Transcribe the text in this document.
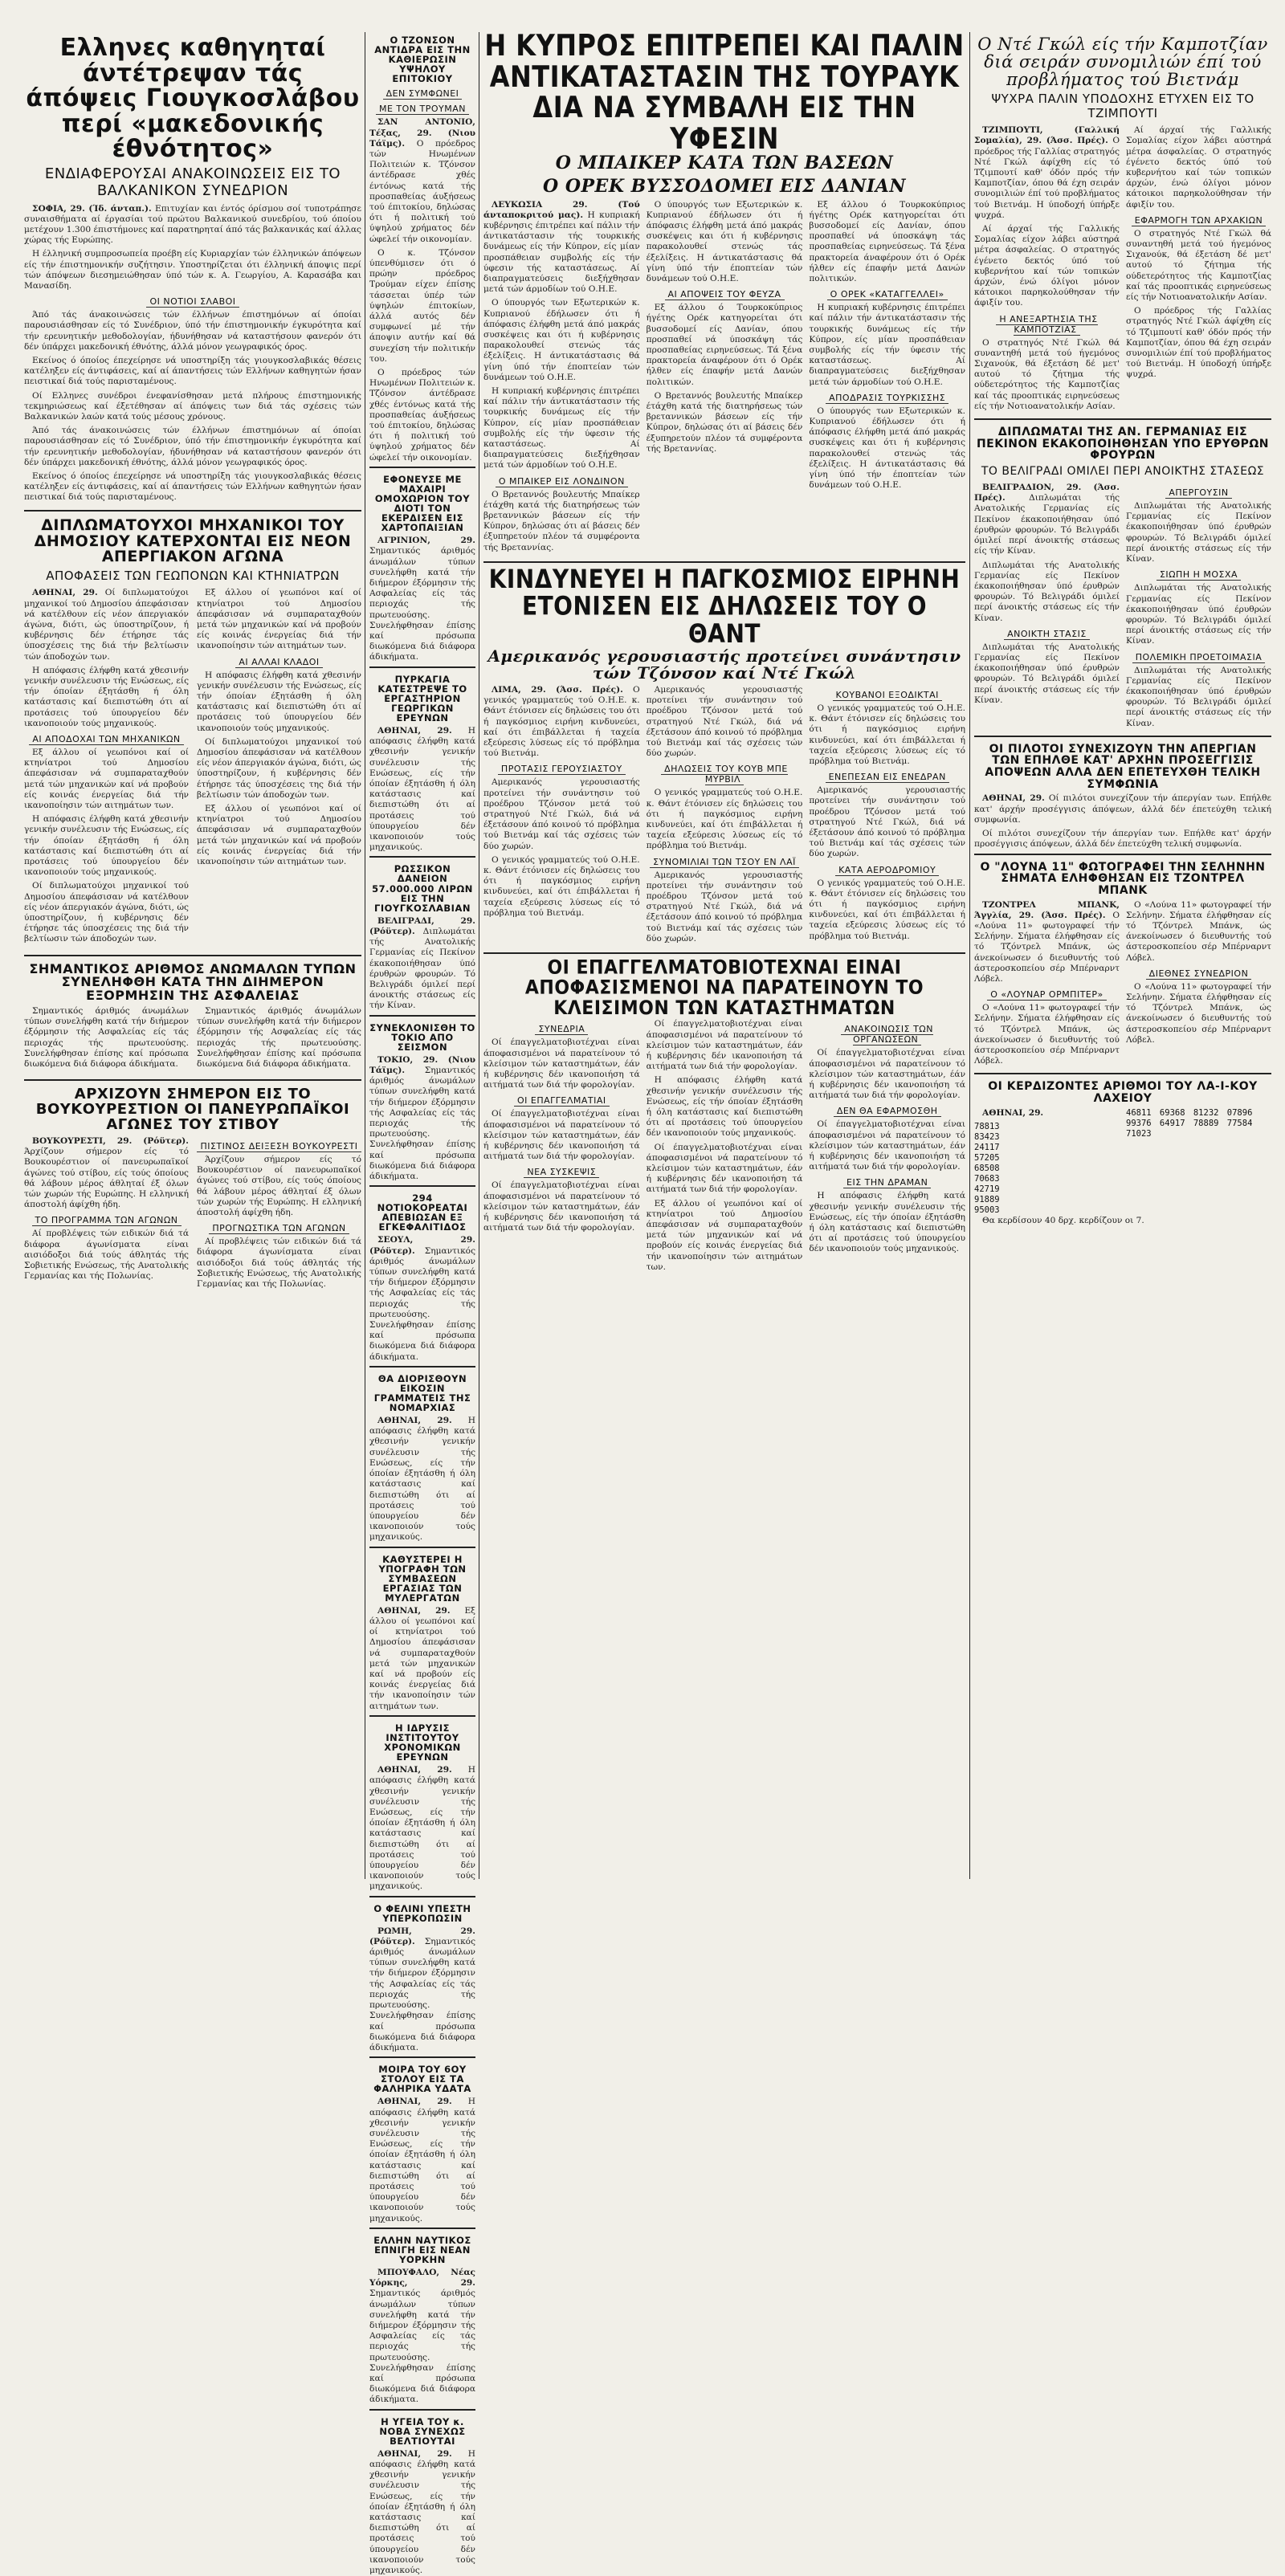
Ελληνες καθηγηταί άντέτρεψαν τάς άπόψεις Γιουγκοσλάβου περί «μακεδονικής έθνότητος»
ΕΝΔΙΑΦΕΡΟΥΣΑΙ ΑΝΑΚΟΙΝΩΣΕΙΣ ΕΙΣ ΤΟ ΒΑΛΚΑΝΙΚΟΝ ΣΥΝΕΔΡΙΟΝ

ΣΟΦΙΑ, 29. (Ίδ. άνταπ.). Επιτυχίαν και έντός όρίσμου σοί τυποτράπησε συναισθήματα αί έργασίαι τού πρώτου Βαλκανικού συνεδρίου, τού όποίου μετέχουν 1.300 έπιστήμονες καί παρατηρηταί άπό τάς βαλκανικάς καί άλλας χώρας τής Ευρώπης.

Η έλληνική συμπροσωπεία προέβη είς Κυριαρχίαν τών έλληνικών άπόψεων είς τήν έπιστημονικήν συζήτησιν. Υποστηρίζεται ότι έλληνική άποψις περί τών άπόψεων διεσημειώθησαν ύπό τών κ. Α. Γεωργίου, Α. Καρασάβα και Μανασίδη.

ΟΙ ΝΟΤΙΟΙ ΣΛΑΒΟΙ

Άπό τάς άνακοινώσεις τών έλλήνων έπιστημόνων αί όποίαι παρουσιάσθησαν είς τό Συνέδριον, ύπό τήν έπιστημονικήν έγκυρότητα καί τήν ερευνητικήν μεθοδολογίαν, ήδυνήθησαν νά καταστήσουν φανερόν ότι δέν ύπάρχει μακεδονική έθνότης, άλλά μόνον γεωγραφικός όρος.

Εκείνος ό όποίος έπεχείρησε νά υποστηρίξη τάς γιουγκοσλαβικάς θέσεις κατέληξεν είς άντιφάσεις, καί αί άπαντήσεις τών Ελλήνων καθηγητών ήσαν πειστικαί διά τούς παρισταμένους.

Οί Ελληνες συνέδροι ένεφανίσθησαν μετά πλήρους έπιστημονικής τεκμηριώσεως καί έξετέθησαν αί άπόψεις των διά τάς σχέσεις τών Βαλκανικών λαών κατά τούς μέσους χρόνους.

Άπό τάς άνακοινώσεις τών έλλήνων έπιστημόνων αί όποίαι παρουσιάσθησαν είς τό Συνέδριον, ύπό τήν έπιστημονικήν έγκυρότητα καί τήν ερευνητικήν μεθοδολογίαν, ήδυνήθησαν νά καταστήσουν φανερόν ότι δέν ύπάρχει μακεδονική έθνότης, άλλά μόνον γεωγραφικός όρος.

Εκείνος ό όποίος έπεχείρησε νά υποστηρίξη τάς γιουγκοσλαβικάς θέσεις κατέληξεν είς άντιφάσεις, καί αί άπαντήσεις τών Ελλήνων καθηγητών ήσαν πειστικαί διά τούς παρισταμένους.

ΔΙΠΛΩΜΑΤΟΥΧΟΙ ΜΗΧΑΝΙΚΟΙ ΤΟΥ ΔΗΜΟΣΙΟΥ ΚΑΤΕΡΧΟΝΤΑΙ ΕΙΣ ΝΕΟΝ ΑΠΕΡΓΙΑΚΟΝ ΑΓΩΝΑ
ΑΠΟΦΑΣΕΙΣ ΤΩΝ ΓΕΩΠΟΝΩΝ ΚΑΙ ΚΤΗΝΙΑΤΡΩΝ

ΑΘΗΝΑΙ, 29. Οί διπλωματούχοι μηχανικοί τού Δημοσίου άπεφάσισαν νά κατέλθουν είς νέον άπεργιακόν άγώνα, διότι, ώς ύποστηρίζουν, ή κυβέρνησις δέν έτήρησε τάς ύποσχέσεις της διά τήν βελτίωσιν τών άποδοχών των.

Η απόφασις έλήφθη κατά χθεσινήν γενικήν συνέλευσιν τής Ενώσεως, είς τήν όποίαν έξητάσθη ή όλη κατάστασις καί διεπιστώθη ότι αί προτάσεις τού ύπουργείου δέν ικανοποιούν τούς μηχανικούς.

ΑΙ ΑΠΟΔΟΧΑΙ ΤΩΝ ΜΗΧΑΝΙΚΩΝ

Εξ άλλου οί γεωπόνοι καί οί κτηνίατροι τού Δημοσίου άπεφάσισαν νά συμπαραταχθούν μετά τών μηχανικών καί νά προβούν είς κοινάς ένεργείας διά τήν ικανοποίησιν τών αιτημάτων των.

Η απόφασις έλήφθη κατά χθεσινήν γενικήν συνέλευσιν τής Ενώσεως, είς τήν όποίαν έξητάσθη ή όλη κατάστασις καί διεπιστώθη ότι αί προτάσεις τού ύπουργείου δέν ικανοποιούν τούς μηχανικούς.

Οί διπλωματούχοι μηχανικοί τού Δημοσίου άπεφάσισαν νά κατέλθουν είς νέον άπεργιακόν άγώνα, διότι, ώς ύποστηρίζουν, ή κυβέρνησις δέν έτήρησε τάς ύποσχέσεις της διά τήν βελτίωσιν τών άποδοχών των.

Εξ άλλου οί γεωπόνοι καί οί κτηνίατροι τού Δημοσίου άπεφάσισαν νά συμπαραταχθούν μετά τών μηχανικών καί νά προβούν είς κοινάς ένεργείας διά τήν ικανοποίησιν τών αιτημάτων των.

ΑΙ ΑΛΛΑΙ ΚΛΑΔΟΙ

Η απόφασις έλήφθη κατά χθεσινήν γενικήν συνέλευσιν τής Ενώσεως, είς τήν όποίαν έξητάσθη ή όλη κατάστασις καί διεπιστώθη ότι αί προτάσεις τού ύπουργείου δέν ικανοποιούν τούς μηχανικούς.

Οί διπλωματούχοι μηχανικοί τού Δημοσίου άπεφάσισαν νά κατέλθουν είς νέον άπεργιακόν άγώνα, διότι, ώς ύποστηρίζουν, ή κυβέρνησις δέν έτήρησε τάς ύποσχέσεις της διά τήν βελτίωσιν τών άποδοχών των.

Εξ άλλου οί γεωπόνοι καί οί κτηνίατροι τού Δημοσίου άπεφάσισαν νά συμπαραταχθούν μετά τών μηχανικών καί νά προβούν είς κοινάς ένεργείας διά τήν ικανοποίησιν τών αιτημάτων των.

ΣΗΜΑΝΤΙΚΟΣ ΑΡΙΘΜΟΣ ΑΝΩΜΑΛΩΝ ΤΥΠΩΝ ΣΥΝΕΛΗΦΘΗ ΚΑΤΑ ΤΗΝ ΔΙΗΜΕΡΟΝ ΕΞΟΡΜΗΣΙΝ ΤΗΣ ΑΣΦΑΛΕΙΑΣ

Σημαντικός άριθμός άνωμάλων τύπων συνελήφθη κατά τήν διήμερον έξόρμησιν τής Ασφαλείας είς τάς περιοχάς τής πρωτευούσης. Συνελήφθησαν έπίσης καί πρόσωπα διωκόμενα διά διάφορα άδικήματα.

Σημαντικός άριθμός άνωμάλων τύπων συνελήφθη κατά τήν διήμερον έξόρμησιν τής Ασφαλείας είς τάς περιοχάς τής πρωτευούσης. Συνελήφθησαν έπίσης καί πρόσωπα διωκόμενα διά διάφορα άδικήματα.

ΑΡΧΙΖΟΥΝ ΣΗΜΕΡΟΝ ΕΙΣ ΤΟ ΒΟΥΚΟΥΡΕΣΤΙΟΝ ΟΙ ΠΑΝΕΥΡΩΠΑΪΚΟΙ ΑΓΩΝΕΣ ΤΟΥ ΣΤΙΒΟΥ

ΒΟΥΚΟΥΡΕΣΤΙ, 29. (Ρόϋτερ). Άρχίζουν σήμερον είς τό Βουκουρέστιον οί πανευρωπαϊκοί άγώνες τού στίβου, είς τούς όποίους θά λάβουν μέρος άθληταί έξ όλων τών χωρών τής Ευρώπης. Η ελληνική άποστολή άφίχθη ήδη.

ΤΟ ΠΡΟΓΡΑΜΜΑ ΤΩΝ ΑΓΩΝΩΝ

Αί προβλέψεις τών ειδικών διά τά διάφορα άγωνίσματα είναι αισιόδοξοι διά τούς άθλητάς τής Σοβιετικής Ενώσεως, τής Ανατολικής Γερμανίας και τής Πολωνίας.

ΠΙΣΤΙΝΟΣ ΔΕΙΞΕΣΗ ΒΟΥΚΟΥΡΕΣΤΙ

Άρχίζουν σήμερον είς τό Βουκουρέστιον οί πανευρωπαϊκοί άγώνες τού στίβου, είς τούς όποίους θά λάβουν μέρος άθληταί έξ όλων τών χωρών τής Ευρώπης. Η ελληνική άποστολή άφίχθη ήδη.

ΠΡΟΓΝΩΣΤΙΚΑ ΤΩΝ ΑΓΩΝΩΝ

Αί προβλέψεις τών ειδικών διά τά διάφορα άγωνίσματα είναι αισιόδοξοι διά τούς άθλητάς τής Σοβιετικής Ενώσεως, τής Ανατολικής Γερμανίας και τής Πολωνίας.

Ο ΤΖΟΝΣΟΝ ΑΝΤΙΔΡΑ ΕΙΣ ΤΗΝ ΚΑΘΙΕΡΩΣΙΝ ΥΨΗΛΟΥ ΕΠΙΤΟΚΙΟΥ
ΔΕΝ ΣΥΜΦΩΝΕΙ
ΜΕ ΤΟΝ ΤΡΟΥΜΑΝ

ΣΑΝ ΑΝΤΟΝΙΟ, Τέξας, 29. (Νιου Τάϊμς). Ο πρόεδρος τών Ηνωμένων Πολιτειών κ. Τζόνσον άντέδρασε χθές έντόνως κατά τής προσπαθείας άυξήσεως τού έπιτοκίου, δηλώσας ότι ή πολιτική τού ύψηλού χρήματος δέν ώφελεί τήν οικονομίαν.

Ο κ. Τζόνσον ύπενθύμισεν ότι ό πρώην πρόεδρος Τρούμαν είχεν έπίσης τάσσεται ύπέρ τών ύψηλών έπιτοκίων, άλλά αυτός δέν συμφωνεί μέ τήν άποψιν αυτήν καί θά συνεχίση τήν πολιτικήν του.

Ο πρόεδρος τών Ηνωμένων Πολιτειών κ. Τζόνσον άντέδρασε χθές έντόνως κατά τής προσπαθείας άυξήσεως τού έπιτοκίου, δηλώσας ότι ή πολιτική τού ύψηλού χρήματος δέν ώφελεί τήν οικονομίαν.

ΕΦΟΝΕΥΣΕ ΜΕ ΜΑΧΑΙΡΙ ΟΜΟΧΩΡΙΟΝ ΤΟΥ ΔΙΟΤΙ ΤΟΝ ΕΚΕΡΔΙΣΕΝ ΕΙΣ ΧΑΡΤΟΠΑΙΞΙΑΝ

ΑΓΡΙΝΙΟΝ, 29. Σημαντικός άριθμός άνωμάλων τύπων συνελήφθη κατά τήν διήμερον έξόρμησιν τής Ασφαλείας είς τάς περιοχάς τής πρωτευούσης. Συνελήφθησαν έπίσης καί πρόσωπα διωκόμενα διά διάφορα άδικήματα.

ΠΥΡΚΑΓΙΑ ΚΑΤΕΣΤΡΕΨΕ ΤΟ ΕΡΓΑΣΤΗΡΙΟΝ ΓΕΩΡΓΙΚΩΝ ΕΡΕΥΝΩΝ

ΑΘΗΝΑΙ, 29. Η απόφασις έλήφθη κατά χθεσινήν γενικήν συνέλευσιν τής Ενώσεως, είς τήν όποίαν έξητάσθη ή όλη κατάστασις καί διεπιστώθη ότι αί προτάσεις τού ύπουργείου δέν ικανοποιούν τούς μηχανικούς.

ΡΩΣΣΙΚΟΝ ΔΑΝΕΙΟΝ 57.000.000 ΛΙΡΩΝ ΕΙΣ ΤΗΝ ΓΙΟΥΓΚΟΣΛΑΒΙΑΝ

ΒΕΛΙΓΡΑΔΙ, 29. (Ρόϋτερ). Διπλωμάται τής Ανατολικής Γερμανίας είς Πεκίνον έκακοποιήθησαν ύπό έρυθρών φρουρών. Τό Βελιγράδι όμιλεί περί άνοικτής στάσεως είς τήν Κίναν.

ΣΥΝΕΚΛΟΝΙΣΘΗ ΤΟ ΤΟΚΙΟ ΑΠΟ ΣΕΙΣΜΟΝ

ΤΟΚΙΟ, 29. (Νιου Τάϊμς). Σημαντικός άριθμός άνωμάλων τύπων συνελήφθη κατά τήν διήμερον έξόρμησιν τής Ασφαλείας είς τάς περιοχάς τής πρωτευούσης. Συνελήφθησαν έπίσης καί πρόσωπα διωκόμενα διά διάφορα άδικήματα.

294 ΝΟΤΙΟΚΟΡΕΑΤΑΙ ΑΠΕΒΙΩΣΑΝ ΕΞ ΕΓΚΕΦΑΛΙΤΙΔΟΣ

ΣΕΟΥΛ, 29. (Ρόϋτερ). Σημαντικός άριθμός άνωμάλων τύπων συνελήφθη κατά τήν διήμερον έξόρμησιν τής Ασφαλείας είς τάς περιοχάς τής πρωτευούσης. Συνελήφθησαν έπίσης καί πρόσωπα διωκόμενα διά διάφορα άδικήματα.

ΘΑ ΔΙΟΡΙΣΘΟΥΝ ΕΙΚΟΣΙΝ ΓΡΑΜΜΑΤΕΙΣ ΤΗΣ ΝΟΜΑΡΧΙΑΣ

ΑΘΗΝΑΙ, 29. Η απόφασις έλήφθη κατά χθεσινήν γενικήν συνέλευσιν τής Ενώσεως, είς τήν όποίαν έξητάσθη ή όλη κατάστασις καί διεπιστώθη ότι αί προτάσεις τού ύπουργείου δέν ικανοποιούν τούς μηχανικούς.

ΚΑΘΥΣΤΕΡΕΙ Η ΥΠΟΓΡΑΦΗ ΤΩΝ ΣΥΜΒΑΣΕΩΝ ΕΡΓΑΣΙΑΣ ΤΩΝ ΜΥΛΕΡΓΑΤΩΝ

ΑΘΗΝΑΙ, 29. Εξ άλλου οί γεωπόνοι καί οί κτηνίατροι τού Δημοσίου άπεφάσισαν νά συμπαραταχθούν μετά τών μηχανικών καί νά προβούν είς κοινάς ένεργείας διά τήν ικανοποίησιν τών αιτημάτων των.

Η ΙΔΡΥΣΙΣ ΙΝΣΤΙΤΟΥΤΟΥ ΧΡΟΝΟΜΙΚΩΝ ΕΡΕΥΝΩΝ

ΑΘΗΝΑΙ, 29. Η απόφασις έλήφθη κατά χθεσινήν γενικήν συνέλευσιν τής Ενώσεως, είς τήν όποίαν έξητάσθη ή όλη κατάστασις καί διεπιστώθη ότι αί προτάσεις τού ύπουργείου δέν ικανοποιούν τούς μηχανικούς.

Ο ΦΕΛΙΝΙ ΥΠΕΣΤΗ ΥΠΕΡΚΟΠΩΣΙΝ

ΡΩΜΗ, 29. (Ρόϋτερ). Σημαντικός άριθμός άνωμάλων τύπων συνελήφθη κατά τήν διήμερον έξόρμησιν τής Ασφαλείας είς τάς περιοχάς τής πρωτευούσης. Συνελήφθησαν έπίσης καί πρόσωπα διωκόμενα διά διάφορα άδικήματα.

ΜΟΙΡΑ ΤΟΥ 6ΟΥ ΣΤΟΛΟΥ ΕΙΣ ΤΑ ΦΑΛΗΡΙΚΑ ΥΔΑΤΑ

ΑΘΗΝΑΙ, 29. Η απόφασις έλήφθη κατά χθεσινήν γενικήν συνέλευσιν τής Ενώσεως, είς τήν όποίαν έξητάσθη ή όλη κατάστασις καί διεπιστώθη ότι αί προτάσεις τού ύπουργείου δέν ικανοποιούν τούς μηχανικούς.

ΕΛΛΗΝ ΝΑΥΤΙΚΟΣ ΕΠΝΙΓΗ ΕΙΣ ΝΕΑΝ ΥΟΡΚΗΝ

ΜΠΟΥΦΑΛΟ, Νέας Υόρκης, 29. Σημαντικός άριθμός άνωμάλων τύπων συνελήφθη κατά τήν διήμερον έξόρμησιν τής Ασφαλείας είς τάς περιοχάς τής πρωτευούσης. Συνελήφθησαν έπίσης καί πρόσωπα διωκόμενα διά διάφορα άδικήματα.

Η ΥΓΕΙΑ ΤΟΥ κ. ΝΟΒΑ ΣΥΝΕΧΩΣ ΒΕΛΤΙΟΥΤΑΙ

ΑΘΗΝΑΙ, 29. Η απόφασις έλήφθη κατά χθεσινήν γενικήν συνέλευσιν τής Ενώσεως, είς τήν όποίαν έξητάσθη ή όλη κατάστασις καί διεπιστώθη ότι αί προτάσεις τού ύπουργείου δέν ικανοποιούν τούς μηχανικούς.

Η ΚΥΠΡΟΣ ΕΠΙΤΡΕΠΕΙ ΚΑΙ ΠΑΛΙΝ ΑΝΤΙΚΑΤΑΣΤΑΣΙΝ ΤΗΣ ΤΟΥΡΑΥΚ ΔΙΑ ΝΑ ΣΥΜΒΑΛΗ ΕΙΣ ΤΗΝ ΥΦΕΣΙΝ
Ο ΜΠΑΙΚΕΡ ΚΑΤΑ ΤΩΝ ΒΑΣΕΩΝ
Ο ΟΡΕΚ ΒΥΣΣΟΔΟΜΕΙ ΕΙΣ ΔΑΝΙΑΝ

ΛΕΥΚΩΣΙΑ 29. (Τού άνταποκριτού μας). Η κυπριακή κυβέρνησις έπιτρέπει καί πάλιν τήν άντικατάστασιν τής τουρκικής δυνάμεως είς τήν Κύπρον, είς μίαν προσπάθειαν συμβολής είς τήν ύφεσιν τής καταστάσεως. Αί διαπραγματεύσεις διεξήχθησαν μετά τών άρμοδίων τού Ο.Η.Ε.

Ο ύπουργός των Εξωτερικών κ. Κυπριανού έδήλωσεν ότι ή άπόφασις έλήφθη μετά άπό μακράς συσκέψεις και ότι ή κυβέρνησις παρακολουθεί στενώς τάς έξελίξεις. Η άντικατάστασις θά γίνη ύπό τήν έποπτείαν τών δυνάμεων τού Ο.Η.Ε.

Η κυπριακή κυβέρνησις έπιτρέπει καί πάλιν τήν άντικατάστασιν τής τουρκικής δυνάμεως είς τήν Κύπρον, είς μίαν προσπάθειαν συμβολής είς τήν ύφεσιν τής καταστάσεως. Αί διαπραγματεύσεις διεξήχθησαν μετά τών άρμοδίων τού Ο.Η.Ε.

Ο ΜΠΑΙΚΕΡ ΕΙΣ ΛΟΝΔΙΝΟΝ

Ο Βρεταννός βουλευτής Μπαίκερ έτάχθη κατά τής διατηρήσεως τών βρεταννικών βάσεων είς τήν Κύπρον, δηλώσας ότι αί βάσεις δέν έξυπηρετούν πλέον τά συμφέροντα τής Βρεταννίας.

Ο ύπουργός των Εξωτερικών κ. Κυπριανού έδήλωσεν ότι ή άπόφασις έλήφθη μετά άπό μακράς συσκέψεις και ότι ή κυβέρνησις παρακολουθεί στενώς τάς έξελίξεις. Η άντικατάστασις θά γίνη ύπό τήν έποπτείαν τών δυνάμεων τού Ο.Η.Ε.

ΑΙ ΑΠΟΨΕΙΣ ΤΟΥ ΦΕΥΖΑ

Εξ άλλου ό Τουρκοκύπριος ήγέτης Ορέκ κατηγορείται ότι βυσσοδομεί είς Δανίαν, όπου προσπαθεί νά ύποσκάψη τάς προσπαθείας ειρηνεύσεως. Τά ξένα πρακτορεία άναφέρουν ότι ό Ορέκ ήλθεν είς έπαφήν μετά Δανών πολιτικών.

Ο Βρεταννός βουλευτής Μπαίκερ έτάχθη κατά τής διατηρήσεως τών βρεταννικών βάσεων είς τήν Κύπρον, δηλώσας ότι αί βάσεις δέν έξυπηρετούν πλέον τά συμφέροντα τής Βρεταννίας.

Εξ άλλου ό Τουρκοκύπριος ήγέτης Ορέκ κατηγορείται ότι βυσσοδομεί είς Δανίαν, όπου προσπαθεί νά ύποσκάψη τάς προσπαθείας ειρηνεύσεως. Τά ξένα πρακτορεία άναφέρουν ότι ό Ορέκ ήλθεν είς έπαφήν μετά Δανών πολιτικών.

Ο ΟΡΕΚ «ΚΑΤΑΓΓΕΛΛΕΙ»

Η κυπριακή κυβέρνησις έπιτρέπει καί πάλιν τήν άντικατάστασιν τής τουρκικής δυνάμεως είς τήν Κύπρον, είς μίαν προσπάθειαν συμβολής είς τήν ύφεσιν τής καταστάσεως. Αί διαπραγματεύσεις διεξήχθησαν μετά τών άρμοδίων τού Ο.Η.Ε.

ΑΠΟΔΡΑΣΙΣ ΤΟΥΡΚΙΣΣΗΣ

Ο ύπουργός των Εξωτερικών κ. Κυπριανού έδήλωσεν ότι ή άπόφασις έλήφθη μετά άπό μακράς συσκέψεις και ότι ή κυβέρνησις παρακολουθεί στενώς τάς έξελίξεις. Η άντικατάστασις θά γίνη ύπό τήν έποπτείαν τών δυνάμεων τού Ο.Η.Ε.

ΚΙΝΔΥΝΕΥΕΙ Η ΠΑΓΚΟΣΜΙΟΣ ΕΙΡΗΝΗ ΕΤΟΝΙΣΕΝ ΕΙΣ ΔΗΛΩΣΕΙΣ ΤΟΥ Ο ΘΑΝΤ
Αμερικανός γερουσιαστής προτείνει συνάντησιν τών Τζόνσον καί Ντέ Γκώλ

ΛΙΜΑ, 29. (Άσσ. Πρές). Ο γενικός γραμματεύς τού Ο.Η.Ε. κ. Θάντ έτόνισεν είς δηλώσεις του ότι ή παγκόσμιος ειρήνη κινδυνεύει, καί ότι έπιβάλλεται ή ταχεία εξεύρεσις λύσεως είς τό πρόβλημα τού Βιετνάμ.

ΠΡΟΤΑΣΙΣ ΓΕΡΟΥΣΙΑΣΤΟΥ

Αμερικανός γερουσιαστής προτείνει τήν συνάντησιν τού προέδρου Τζόνσον μετά τού στρατηγού Ντέ Γκώλ, διά νά έξετάσουν άπό κοινού τό πρόβλημα τού Βιετνάμ καί τάς σχέσεις τών δύο χωρών.

Ο γενικός γραμματεύς τού Ο.Η.Ε. κ. Θάντ έτόνισεν είς δηλώσεις του ότι ή παγκόσμιος ειρήνη κινδυνεύει, καί ότι έπιβάλλεται ή ταχεία εξεύρεσις λύσεως είς τό πρόβλημα τού Βιετνάμ.

Αμερικανός γερουσιαστής προτείνει τήν συνάντησιν τού προέδρου Τζόνσον μετά τού στρατηγού Ντέ Γκώλ, διά νά έξετάσουν άπό κοινού τό πρόβλημα τού Βιετνάμ καί τάς σχέσεις τών δύο χωρών.

ΔΗΛΩΣΕΙΣ ΤΟΥ ΚΟΥΒ ΜΠΕ ΜΥΡΒΙΛ

Ο γενικός γραμματεύς τού Ο.Η.Ε. κ. Θάντ έτόνισεν είς δηλώσεις του ότι ή παγκόσμιος ειρήνη κινδυνεύει, καί ότι έπιβάλλεται ή ταχεία εξεύρεσις λύσεως είς τό πρόβλημα τού Βιετνάμ.

ΣΥΝΟΜΙΛΙΑΙ ΤΩΝ ΤΣΟΥ ΕΝ ΛΑΪ

Αμερικανός γερουσιαστής προτείνει τήν συνάντησιν τού προέδρου Τζόνσον μετά τού στρατηγού Ντέ Γκώλ, διά νά έξετάσουν άπό κοινού τό πρόβλημα τού Βιετνάμ καί τάς σχέσεις τών δύο χωρών.

ΚΟΥΒΑΝΟΙ ΕΞΟΔΙΚΤΑΙ

Ο γενικός γραμματεύς τού Ο.Η.Ε. κ. Θάντ έτόνισεν είς δηλώσεις του ότι ή παγκόσμιος ειρήνη κινδυνεύει, καί ότι έπιβάλλεται ή ταχεία εξεύρεσις λύσεως είς τό πρόβλημα τού Βιετνάμ.

ΕΝΕΠΕΣΑΝ ΕΙΣ ΕΝΕΔΡΑΝ

Αμερικανός γερουσιαστής προτείνει τήν συνάντησιν τού προέδρου Τζόνσον μετά τού στρατηγού Ντέ Γκώλ, διά νά έξετάσουν άπό κοινού τό πρόβλημα τού Βιετνάμ καί τάς σχέσεις τών δύο χωρών.

ΚΑΤΑ ΑΕΡΟΔΡΟΜΙΟΥ

Ο γενικός γραμματεύς τού Ο.Η.Ε. κ. Θάντ έτόνισεν είς δηλώσεις του ότι ή παγκόσμιος ειρήνη κινδυνεύει, καί ότι έπιβάλλεται ή ταχεία εξεύρεσις λύσεως είς τό πρόβλημα τού Βιετνάμ.

ΟΙ ΕΠΑΓΓΕΛΜΑΤΟΒΙΟΤΕΧΝΑΙ ΕΙΝΑΙ ΑΠΟΦΑΣΙΣΜΕΝΟΙ ΝΑ ΠΑΡΑΤΕΙΝΟΥΝ ΤΟ ΚΛΕΙΣΙΜΟΝ ΤΩΝ ΚΑΤΑΣΤΗΜΑΤΩΝ
ΣΥΝΕΔΡΙΑ

Οί έπαγγελματοβιοτέχναι είναι άποφασισμένοι νά παρατείνουν τό κλείσιμον τών καταστημάτων, έάν ή κυβέρνησις δέν ικανοποιήση τά αιτήματά των διά τήν φορολογίαν.

ΟΙ ΕΠΑΓΓΕΛΜΑΤΙΑΙ

Οί έπαγγελματοβιοτέχναι είναι άποφασισμένοι νά παρατείνουν τό κλείσιμον τών καταστημάτων, έάν ή κυβέρνησις δέν ικανοποιήση τά αιτήματά των διά τήν φορολογίαν.

ΝΕΑ ΣΥΣΚΕΨΙΣ

Οί έπαγγελματοβιοτέχναι είναι άποφασισμένοι νά παρατείνουν τό κλείσιμον τών καταστημάτων, έάν ή κυβέρνησις δέν ικανοποιήση τά αιτήματά των διά τήν φορολογίαν.

Οί έπαγγελματοβιοτέχναι είναι άποφασισμένοι νά παρατείνουν τό κλείσιμον τών καταστημάτων, έάν ή κυβέρνησις δέν ικανοποιήση τά αιτήματά των διά τήν φορολογίαν.

Η απόφασις έλήφθη κατά χθεσινήν γενικήν συνέλευσιν τής Ενώσεως, είς τήν όποίαν έξητάσθη ή όλη κατάστασις καί διεπιστώθη ότι αί προτάσεις τού ύπουργείου δέν ικανοποιούν τούς μηχανικούς.

Οί έπαγγελματοβιοτέχναι είναι άποφασισμένοι νά παρατείνουν τό κλείσιμον τών καταστημάτων, έάν ή κυβέρνησις δέν ικανοποιήση τά αιτήματά των διά τήν φορολογίαν.

Εξ άλλου οί γεωπόνοι καί οί κτηνίατροι τού Δημοσίου άπεφάσισαν νά συμπαραταχθούν μετά τών μηχανικών καί νά προβούν είς κοινάς ένεργείας διά τήν ικανοποίησιν τών αιτημάτων των.

ΑΝΑΚΟΙΝΩΣΙΣ ΤΩΝ ΟΡΓΑΝΩΣΕΩΝ

Οί έπαγγελματοβιοτέχναι είναι άποφασισμένοι νά παρατείνουν τό κλείσιμον τών καταστημάτων, έάν ή κυβέρνησις δέν ικανοποιήση τά αιτήματά των διά τήν φορολογίαν.

ΔΕΝ ΘΑ ΕΦΑΡΜΟΣΘΗ

Οί έπαγγελματοβιοτέχναι είναι άποφασισμένοι νά παρατείνουν τό κλείσιμον τών καταστημάτων, έάν ή κυβέρνησις δέν ικανοποιήση τά αιτήματά των διά τήν φορολογίαν.

ΕΙΣ ΤΗΝ ΔΡΑΜΑΝ

Η απόφασις έλήφθη κατά χθεσινήν γενικήν συνέλευσιν τής Ενώσεως, είς τήν όποίαν έξητάσθη ή όλη κατάστασις καί διεπιστώθη ότι αί προτάσεις τού ύπουργείου δέν ικανοποιούν τούς μηχανικούς.

Ο Ντέ Γκώλ είς τήν Καμποτζίαν διά σειράν συνομιλιών έπί τού προβλήματος τού Βιετνάμ
ΨΥΧΡΑ ΠΑΛΙΝ ΥΠΟΔΟΧΗΣ ΕΤΥΧΕΝ ΕΙΣ ΤΟ ΤΖΙΜΠΟΥΤΙ

ΤΖΙΜΠΟΥΤΙ, (Γαλλική Σομαλία), 29. (Άσσ. Πρές). Ο πρόεδρος τής Γαλλίας στρατηγός Ντέ Γκώλ άφίχθη είς τό Τζιμπουτί καθ' όδόν πρός τήν Καμποτζίαν, όπου θά έχη σειράν συνομιλιών έπί τού προβλήματος τού Βιετνάμ. Η ύποδοχή ύπήρξε ψυχρά.

Αί άρχαί τής Γαλλικής Σομαλίας είχον λάβει αύστηρά μέτρα άσφαλείας. Ο στρατηγός έγένετο δεκτός ύπό τού κυβερνήτου καί τών τοπικών άρχών, ένώ όλίγοι μόνον κάτοικοι παρηκολούθησαν τήν άφιξίν του.

Η ΑΝΕΞΑΡΤΗΣΙΑ ΤΗΣ ΚΑΜΠΟΤΖΙΑΣ

Ο στρατηγός Ντέ Γκώλ θά συναντηθή μετά τού ήγεμόνος Σιχανούκ, θά έξετάση δέ μετ' αυτού τό ζήτημα τής ούδετερότητος τής Καμποτζίας καί τάς προοπτικάς ειρηνεύσεως είς τήν Νοτιοανατολικήν Ασίαν.

Αί άρχαί τής Γαλλικής Σομαλίας είχον λάβει αύστηρά μέτρα άσφαλείας. Ο στρατηγός έγένετο δεκτός ύπό τού κυβερνήτου καί τών τοπικών άρχών, ένώ όλίγοι μόνον κάτοικοι παρηκολούθησαν τήν άφιξίν του.

ΕΦΑΡΜΟΓΗ ΤΩΝ ΑΡΧΑΚΙΩΝ

Ο στρατηγός Ντέ Γκώλ θά συναντηθή μετά τού ήγεμόνος Σιχανούκ, θά έξετάση δέ μετ' αυτού τό ζήτημα τής ούδετερότητος τής Καμποτζίας καί τάς προοπτικάς ειρηνεύσεως είς τήν Νοτιοανατολικήν Ασίαν.

Ο πρόεδρος τής Γαλλίας στρατηγός Ντέ Γκώλ άφίχθη είς τό Τζιμπουτί καθ' όδόν πρός τήν Καμποτζίαν, όπου θά έχη σειράν συνομιλιών έπί τού προβλήματος τού Βιετνάμ. Η ύποδοχή ύπήρξε ψυχρά.

ΔΙΠΛΩΜΑΤΑΙ ΤΗΣ ΑΝ. ΓΕΡΜΑΝΙΑΣ ΕΙΣ ΠΕΚΙΝΟΝ ΕΚΑΚΟΠΟΙΗΘΗΣΑΝ ΥΠΟ ΕΡΥΘΡΩΝ ΦΡΟΥΡΩΝ
ΤΟ ΒΕΛΙΓΡΑΔΙ ΟΜΙΛΕΙ ΠΕΡΙ ΑΝΟΙΚΤΗΣ ΣΤΑΣΕΩΣ

ΒΕΛΙΓΡΑΔΙΟΝ, 29. (Άσσ. Πρές).	Διπλωμάται τής Ανατολικής Γερμανίας είς Πεκίνον έκακοποιήθησαν ύπό έρυθρών φρουρών. Τό Βελιγράδι όμιλεί περί άνοικτής στάσεως είς τήν Κίναν.

Διπλωμάται τής Ανατολικής Γερμανίας είς Πεκίνον έκακοποιήθησαν ύπό έρυθρών φρουρών. Τό Βελιγράδι όμιλεί περί άνοικτής στάσεως είς τήν Κίναν.

ΑΝΟΙΚΤΗ ΣΤΑΣΙΣ

Διπλωμάται τής Ανατολικής Γερμανίας είς Πεκίνον έκακοποιήθησαν ύπό έρυθρών φρουρών. Τό Βελιγράδι όμιλεί περί άνοικτής στάσεως είς τήν Κίναν.

ΑΠΕΡΓΟΥΣΙΝ

Διπλωμάται τής Ανατολικής Γερμανίας είς Πεκίνον έκακοποιήθησαν ύπό έρυθρών φρουρών. Τό Βελιγράδι όμιλεί περί άνοικτής στάσεως είς τήν Κίναν.

ΣΙΩΠΗ Η ΜΟΣΧΑ

Διπλωμάται τής Ανατολικής Γερμανίας είς Πεκίνον έκακοποιήθησαν ύπό έρυθρών φρουρών. Τό Βελιγράδι όμιλεί περί άνοικτής στάσεως είς τήν Κίναν.

ΠΟΛΕΜΙΚΗ ΠΡΟΕΤΟΙΜΑΣΙΑ

Διπλωμάται τής Ανατολικής Γερμανίας είς Πεκίνον έκακοποιήθησαν ύπό έρυθρών φρουρών. Τό Βελιγράδι όμιλεί περί άνοικτής στάσεως είς τήν Κίναν.

ΟΙ ΠΙΛΟΤΟΙ ΣΥΝΕΧΙΖΟΥΝ ΤΗΝ ΑΠΕΡΓΙΑΝ ΤΩΝ ΕΠΗΛΘΕ ΚΑΤ' ΑΡΧΗΝ ΠΡΟΣΕΓΓΙΣΙΣ ΑΠΟΨΕΩΝ ΑΛΛΑ ΔΕΝ ΕΠΕΤΕΥΧΘΗ ΤΕΛΙΚΗ ΣΥΜΦΩΝΙΑ

ΑΘΗΝΑΙ, 29. Οί πιλότοι συνεχίζουν τήν άπεργίαν των. Επήλθε κατ' άρχήν προσέγγισις άπόψεων, άλλά δέν έπετεύχθη τελική συμφωνία.

Οί πιλότοι συνεχίζουν τήν άπεργίαν των. Επήλθε κατ' άρχήν προσέγγισις άπόψεων, άλλά δέν έπετεύχθη τελική συμφωνία.

Ο "ΛΟΥΝΑ 11" ΦΩΤΟΓΡΑΦΕΙ ΤΗΝ ΣΕΛΗΝΗΝ ΣΗΜΑΤΑ ΕΛΗΦΘΗΣΑΝ ΕΙΣ ΤΖΟΝΤΡΕΛ ΜΠΑΝΚ

ΤΖΟΝΤΡΕΛ ΜΠΑΝΚ, Άγγλία, 29. (Άσσ. Πρές). Ο «Λούνα 11» φωτογραφεί τήν Σελήνην. Σήματα έλήφθησαν είς τό Τζόντρελ Μπάνκ, ώς άνεκοίνωσεν ό διευθυντής τού άστεροσκοπείου σέρ Μπέρναρντ Λόβελ.

Ο «ΛΟΥΝΑΡ ΟΡΜΠΙΤΕΡ»

Ο «Λούνα 11» φωτογραφεί τήν Σελήνην. Σήματα έλήφθησαν είς τό Τζόντρελ Μπάνκ, ώς άνεκοίνωσεν ό διευθυντής τού άστεροσκοπείου σέρ Μπέρναρντ Λόβελ.

Ο «Λούνα 11» φωτογραφεί τήν Σελήνην. Σήματα έλήφθησαν είς τό Τζόντρελ Μπάνκ, ώς άνεκοίνωσεν ό διευθυντής τού άστεροσκοπείου σέρ Μπέρναρντ Λόβελ.

ΔΙΕΘΝΕΣ ΣΥΝΕΔΡΙΟΝ

Ο «Λούνα 11» φωτογραφεί τήν Σελήνην. Σήματα έλήφθησαν είς τό Τζόντρελ Μπάνκ, ώς άνεκοίνωσεν ό διευθυντής τού άστεροσκοπείου σέρ Μπέρναρντ Λόβελ.

ΟΙ ΚΕΡΔΙΖΟΝΤΕΣ ΑΡΙΘΜΟΙ ΤΟΥ ΛΑ-Ι-ΚΟΥ ΛΑΧΕΙΟΥ

ΑΘΗΝΑΙ, 29.

78813
83423
24117
57205
68508
70683
42719
91889
95003
46811 69368 81232 07896 99376 64917 78889 77584 71023

Θα κερδίσουν 40 δρχ. κερδίζουν οι 7.
